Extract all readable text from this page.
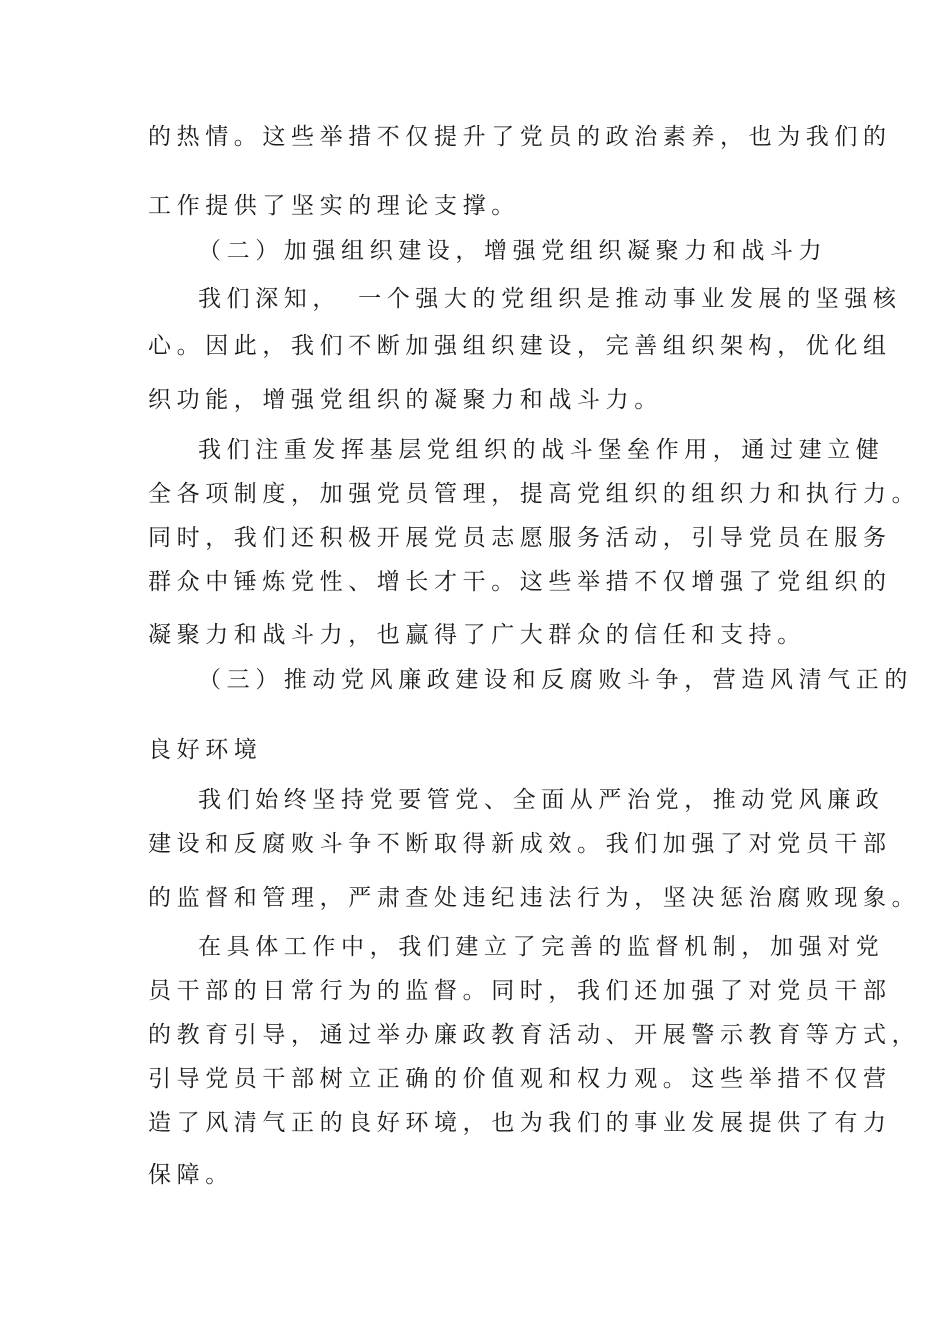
的热情。这些举措不仅提升了党员的政治素养，也为我们的

工作提供了坚实的理论支撑。

（二）加强组织建设，增强党组织凝聚力和战斗力

我们深知，　一个强大的党组织是推动事业发展的坚强核

心。因此，我们不断加强组织建设，完善组织架构，优化组

织功能，增强党组织的凝聚力和战斗力。

我们注重发挥基层党组织的战斗堡垒作用，通过建立健

全各项制度，加强党员管理，提高党组织的组织力和执行力。

同时，我们还积极开展党员志愿服务活动，引导党员在服务

群众中锤炼党性、增长才干。这些举措不仅增强了党组织的

凝聚力和战斗力，也赢得了广大群众的信任和支持。

（三）推动党风廉政建设和反腐败斗争，营造风清气正的

良好环境

我们始终坚持党要管党、全面从严治党，推动党风廉政

建设和反腐败斗争不断取得新成效。我们加强了对党员干部

的监督和管理，严肃查处违纪违法行为，坚决惩治腐败现象。

在具体工作中，我们建立了完善的监督机制，加强对党

员干部的日常行为的监督。同时，我们还加强了对党员干部

的教育引导，通过举办廉政教育活动、开展警示教育等方式，

引导党员干部树立正确的价值观和权力观。这些举措不仅营

造了风清气正的良好环境，也为我们的事业发展提供了有力

保障。
